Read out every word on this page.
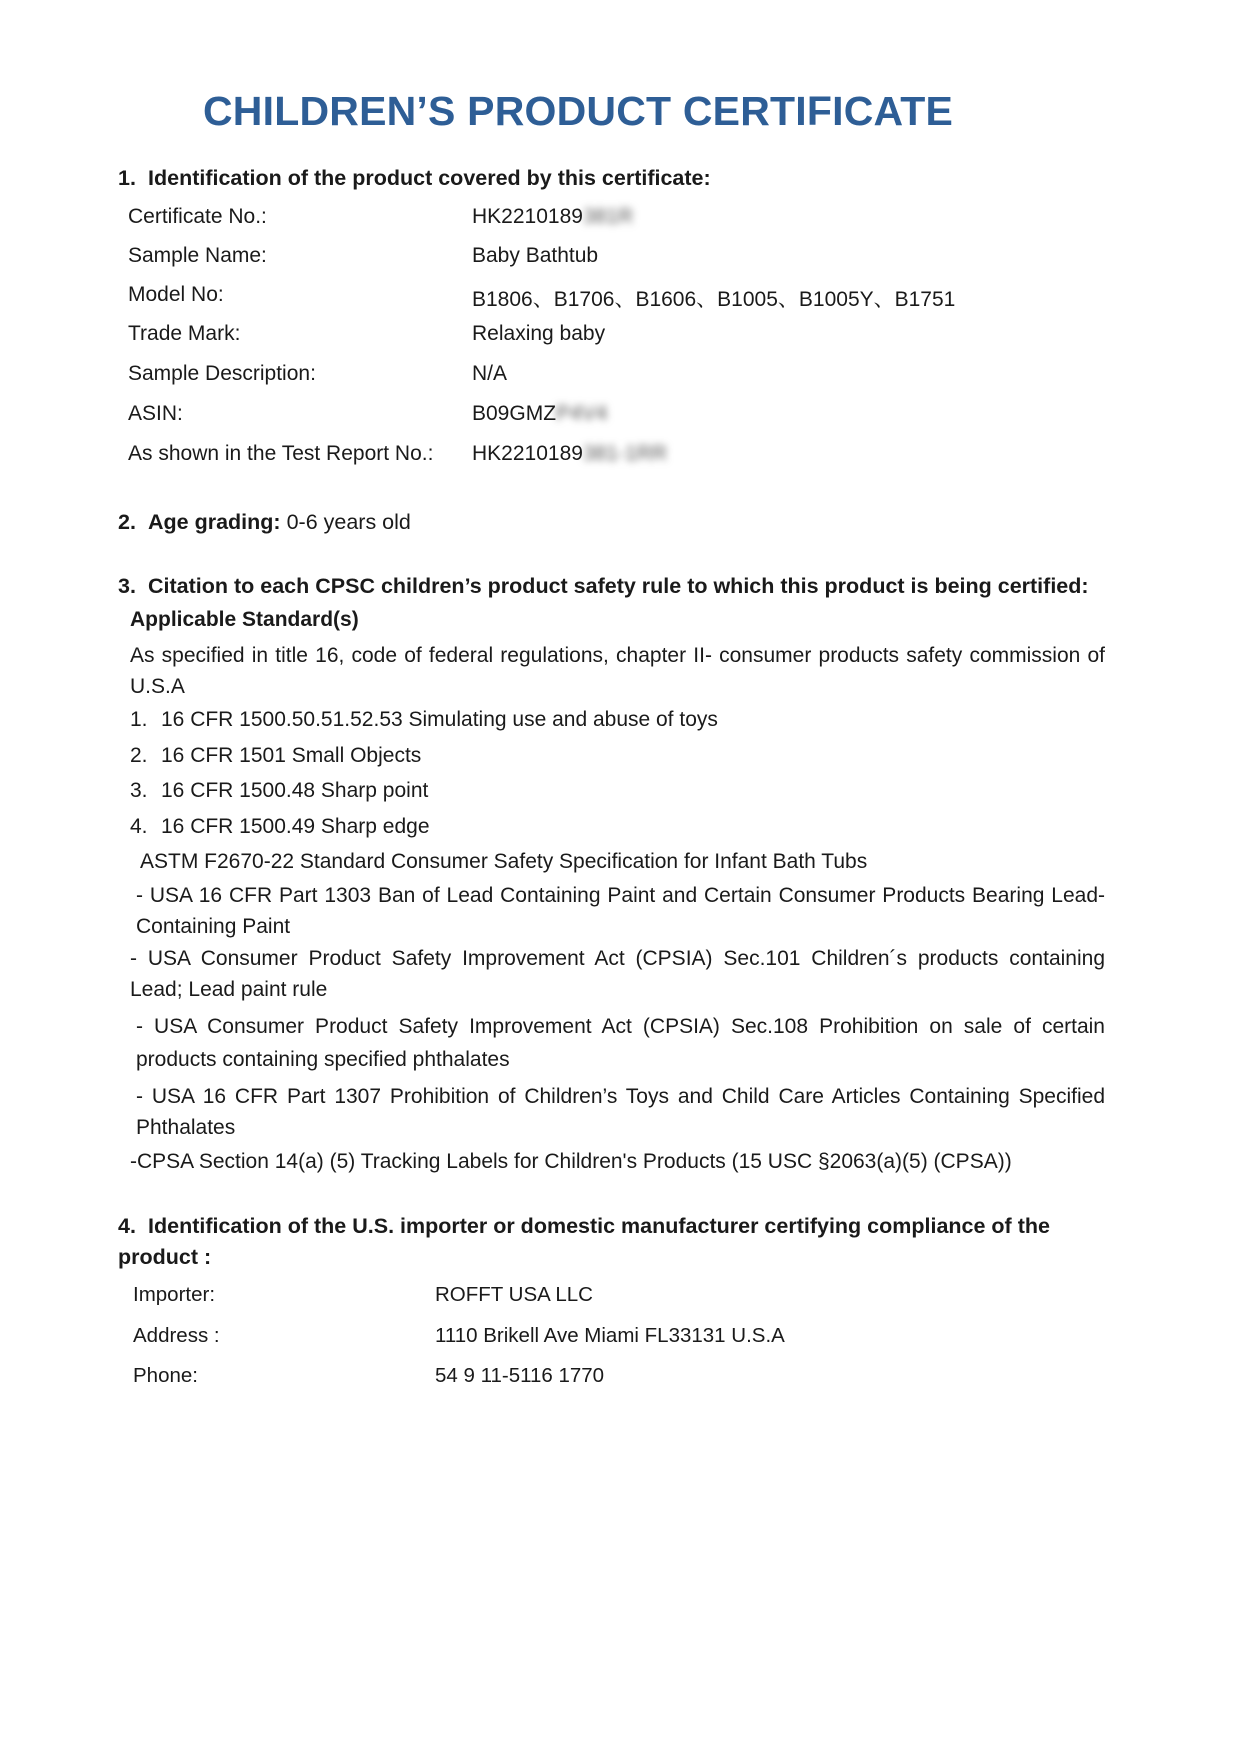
CHILDREN’S PRODUCT CERTIFICATE
1. Identification of the product covered by this certificate:
Certificate No.:	HK2210189381R
Sample Name:	Baby Bathtub
Model No:	B1806、B1706、B1606、B1005、B1005Y、B1751
Trade Mark:	Relaxing baby
Sample Description:	N/A
ASIN:	B09GMZP4V4
As shown in the Test Report No.: HK2210189381-1RR
2. Age grading: 0-6 years old
3. Citation to each CPSC children’s product safety rule to which this product is being certified:
Applicable Standard(s)
As specified in title 16, code of federal regulations, chapter II- consumer products safety commission of U.S.A
1. 16 CFR 1500.50.51.52.53 Simulating use and abuse of toys
2. 16 CFR 1501 Small Objects
3. 16 CFR 1500.48 Sharp point
4. 16 CFR 1500.49 Sharp edge
ASTM F2670-22 Standard Consumer Safety Specification for Infant Bath Tubs
- USA 16 CFR Part 1303 Ban of Lead Containing Paint and Certain Consumer Products Bearing Lead- Containing Paint
- USA Consumer Product Safety Improvement Act (CPSIA) Sec.101 Children´s products containing Lead; Lead paint rule
- USA Consumer Product Safety Improvement Act (CPSIA) Sec.108 Prohibition on sale of certain products containing specified phthalates
- USA 16 CFR Part 1307 Prohibition of Children’s Toys and Child Care Articles Containing Specified Phthalates
-CPSA Section 14(a) (5) Tracking Labels for Children's Products (15 USC §2063(a)(5) (CPSA))
4. Identification of the U.S. importer or domestic manufacturer certifying compliance of the
product :
Importer:	ROFFT USA LLC
Address :	1110 Brikell Ave Miami FL33131 U.S.A
Phone:	54 9 11-5116 1770
